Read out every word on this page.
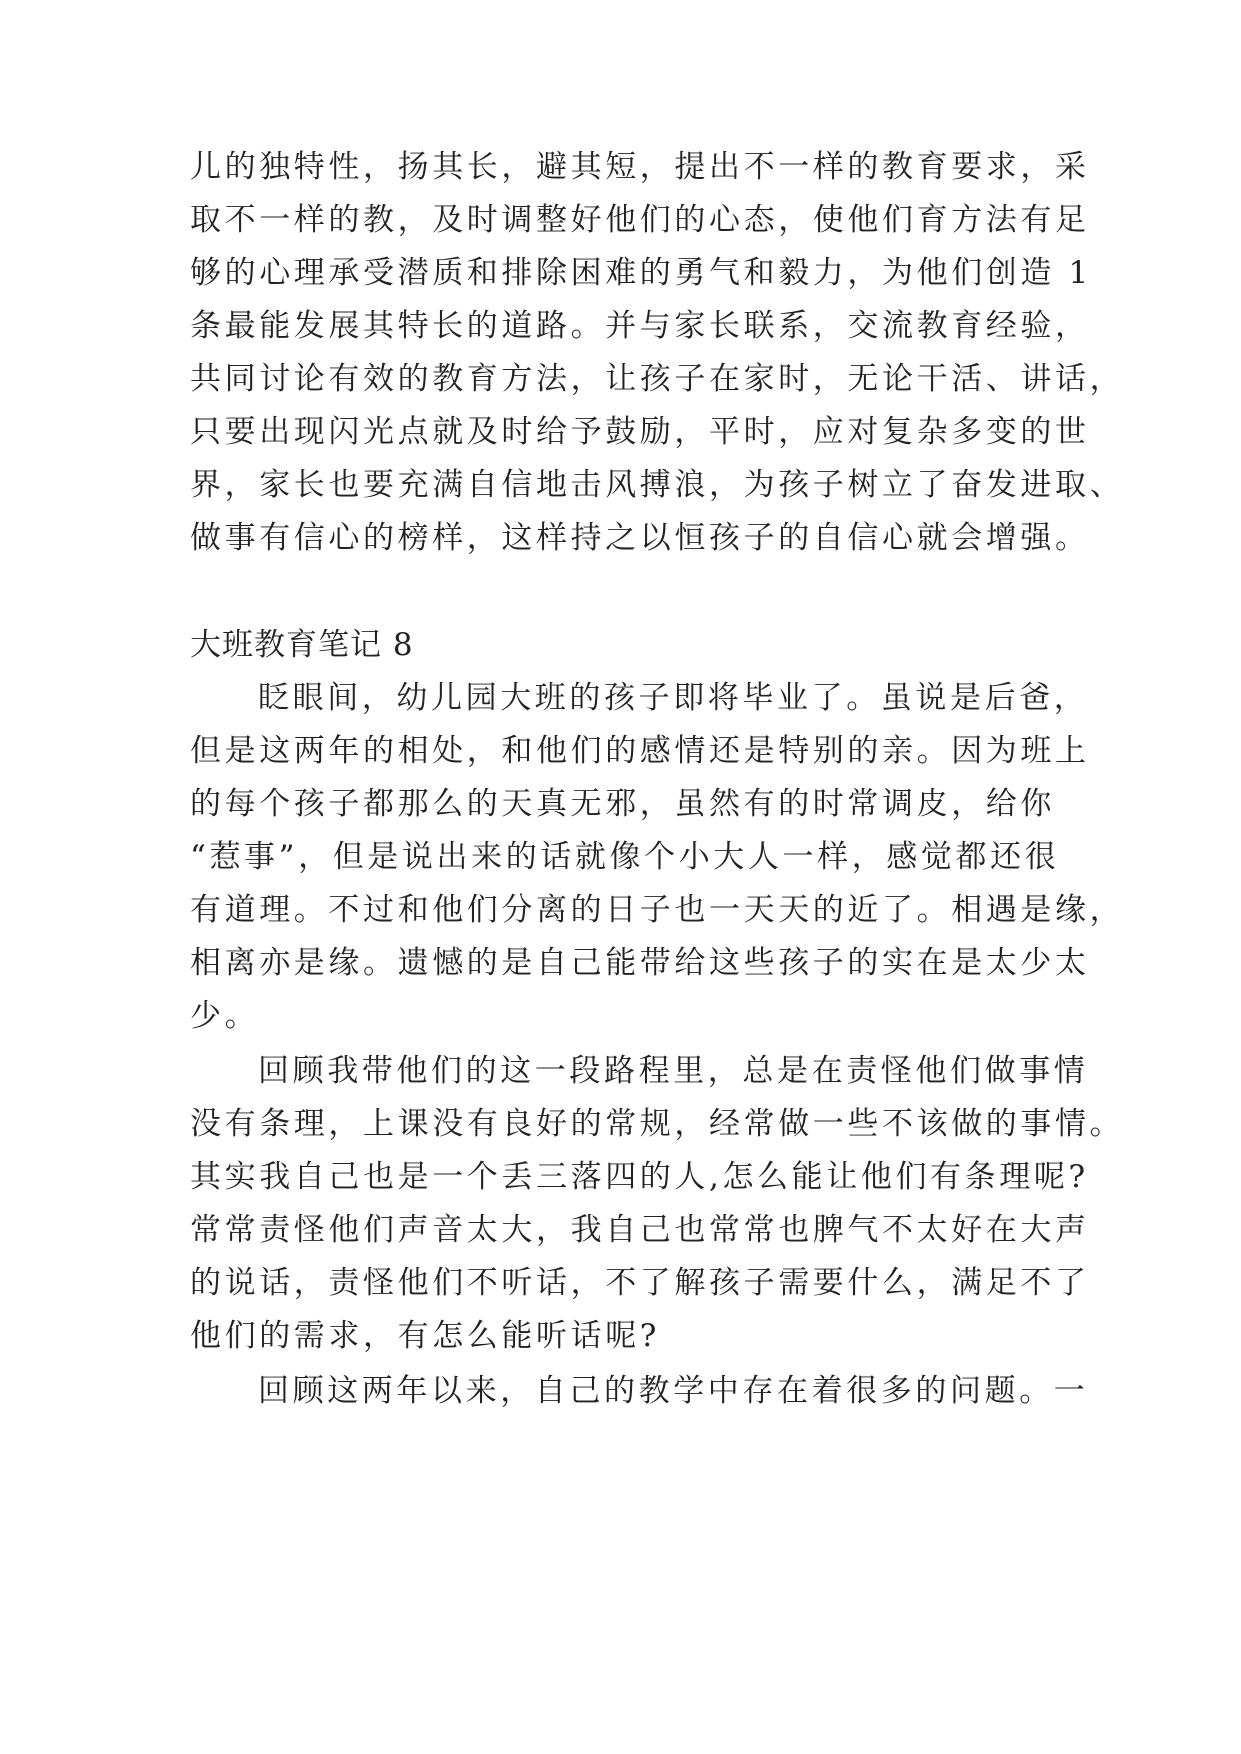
儿的独特性，扬其长，避其短，提出不一样的教育要求，采
取不一样的教，及时调整好他们的心态，使他们育方法有足
够的心理承受潜质和排除困难的勇气和毅力，为他们创造 1
条最能发展其特长的道路。并与家长联系，交流教育经验，
共同讨论有效的教育方法，让孩子在家时，无论干活、讲话，
只要出现闪光点就及时给予鼓励，平时，应对复杂多变的世
界，家长也要充满自信地击风搏浪，为孩子树立了奋发进取、
做事有信心的榜样，这样持之以恒孩子的自信心就会增强。
大班教育笔记 8
眨眼间，幼儿园大班的孩子即将毕业了。虽说是后爸，
但是这两年的相处，和他们的感情还是特别的亲。因为班上
的每个孩子都那么的天真无邪，虽然有的时常调皮，给你
“惹事”，但是说出来的话就像个小大人一样，感觉都还很
有道理。不过和他们分离的日子也一天天的近了。相遇是缘，
相离亦是缘。遗憾的是自己能带给这些孩子的实在是太少太
少。
回顾我带他们的这一段路程里，总是在责怪他们做事情
没有条理，上课没有良好的常规，经常做一些不该做的事情。
其实我自己也是一个丢三落四的人,怎么能让他们有条理呢?
常常责怪他们声音太大，我自己也常常也脾气不太好在大声
的说话，责怪他们不听话，不了解孩子需要什么，满足不了
他们的需求，有怎么能听话呢?
回顾这两年以来，自己的教学中存在着很多的问题。一
